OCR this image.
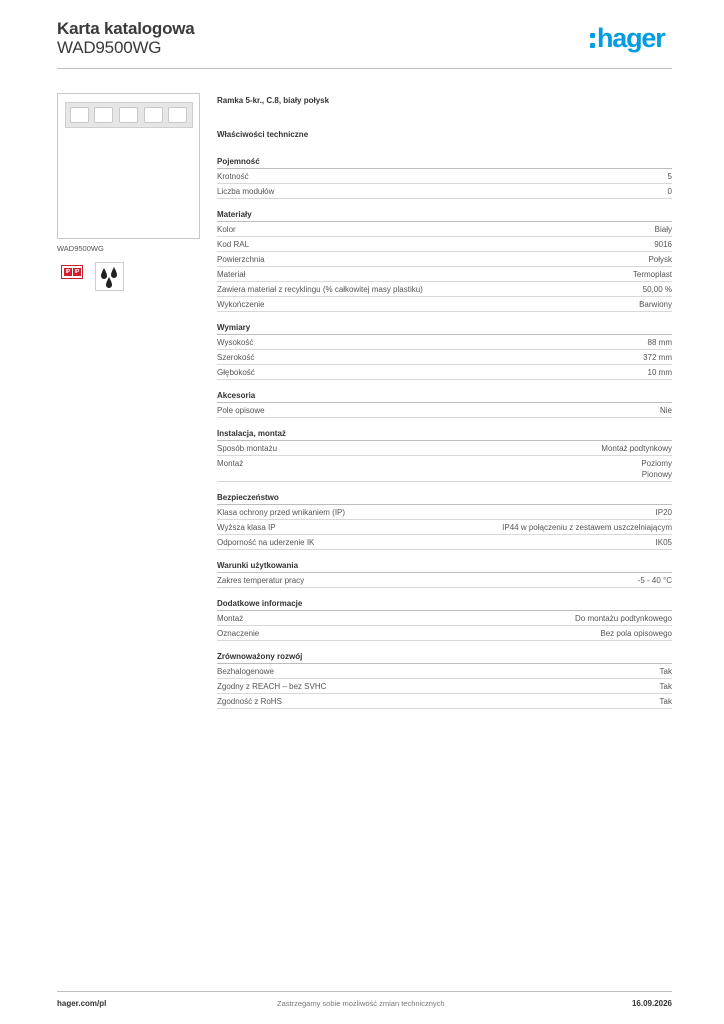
Karta katalogowa
WAD9500WG	hager
WAD9500WG
IP IP
Ramka 5-kr., C.8, biały połysk
Właściwości techniczne
Pojemność
Krotność	5
Liczba modułów	0
Materiały
Kolor	Biały
Kod RAL	9016
Powierzchnia	Połysk
Materiał	Termoplast
Zawiera materiał z recyklingu (% całkowitej masy plastiku)	50,00 %
Wykończenie	Barwiony
Wymiary
Wysokość	88 mm
Szerokość	372 mm
Głębokość	10 mm
Akcesoria
Pole opisowe	Nie
Instalacja, montaż
Sposób montażu	Montaż podtynkowy
Montaż	Poziomy
Pionowy
Bezpieczeństwo
Klasa ochrony przed wnikaniem (IP)	IP20
Wyższa klasa IP	IP44 w połączeniu z zestawem uszczelniającym
Odporność na uderzenie IK	IK05
Warunki użytkowania
Zakres temperatur pracy	-5 - 40 °C
Dodatkowe informacje
Montaż	Do montażu podtynkowego
Oznaczenie	Bez pola opisowego
Zrównoważony rozwój
Bezhalogenowe	Tak
Zgodny z REACH – bez SVHC	Tak
Zgodność z RoHS	Tak
hager.com/pl	Zastrzegamy sobie możliwość zmian technicznych	16.09.2026
